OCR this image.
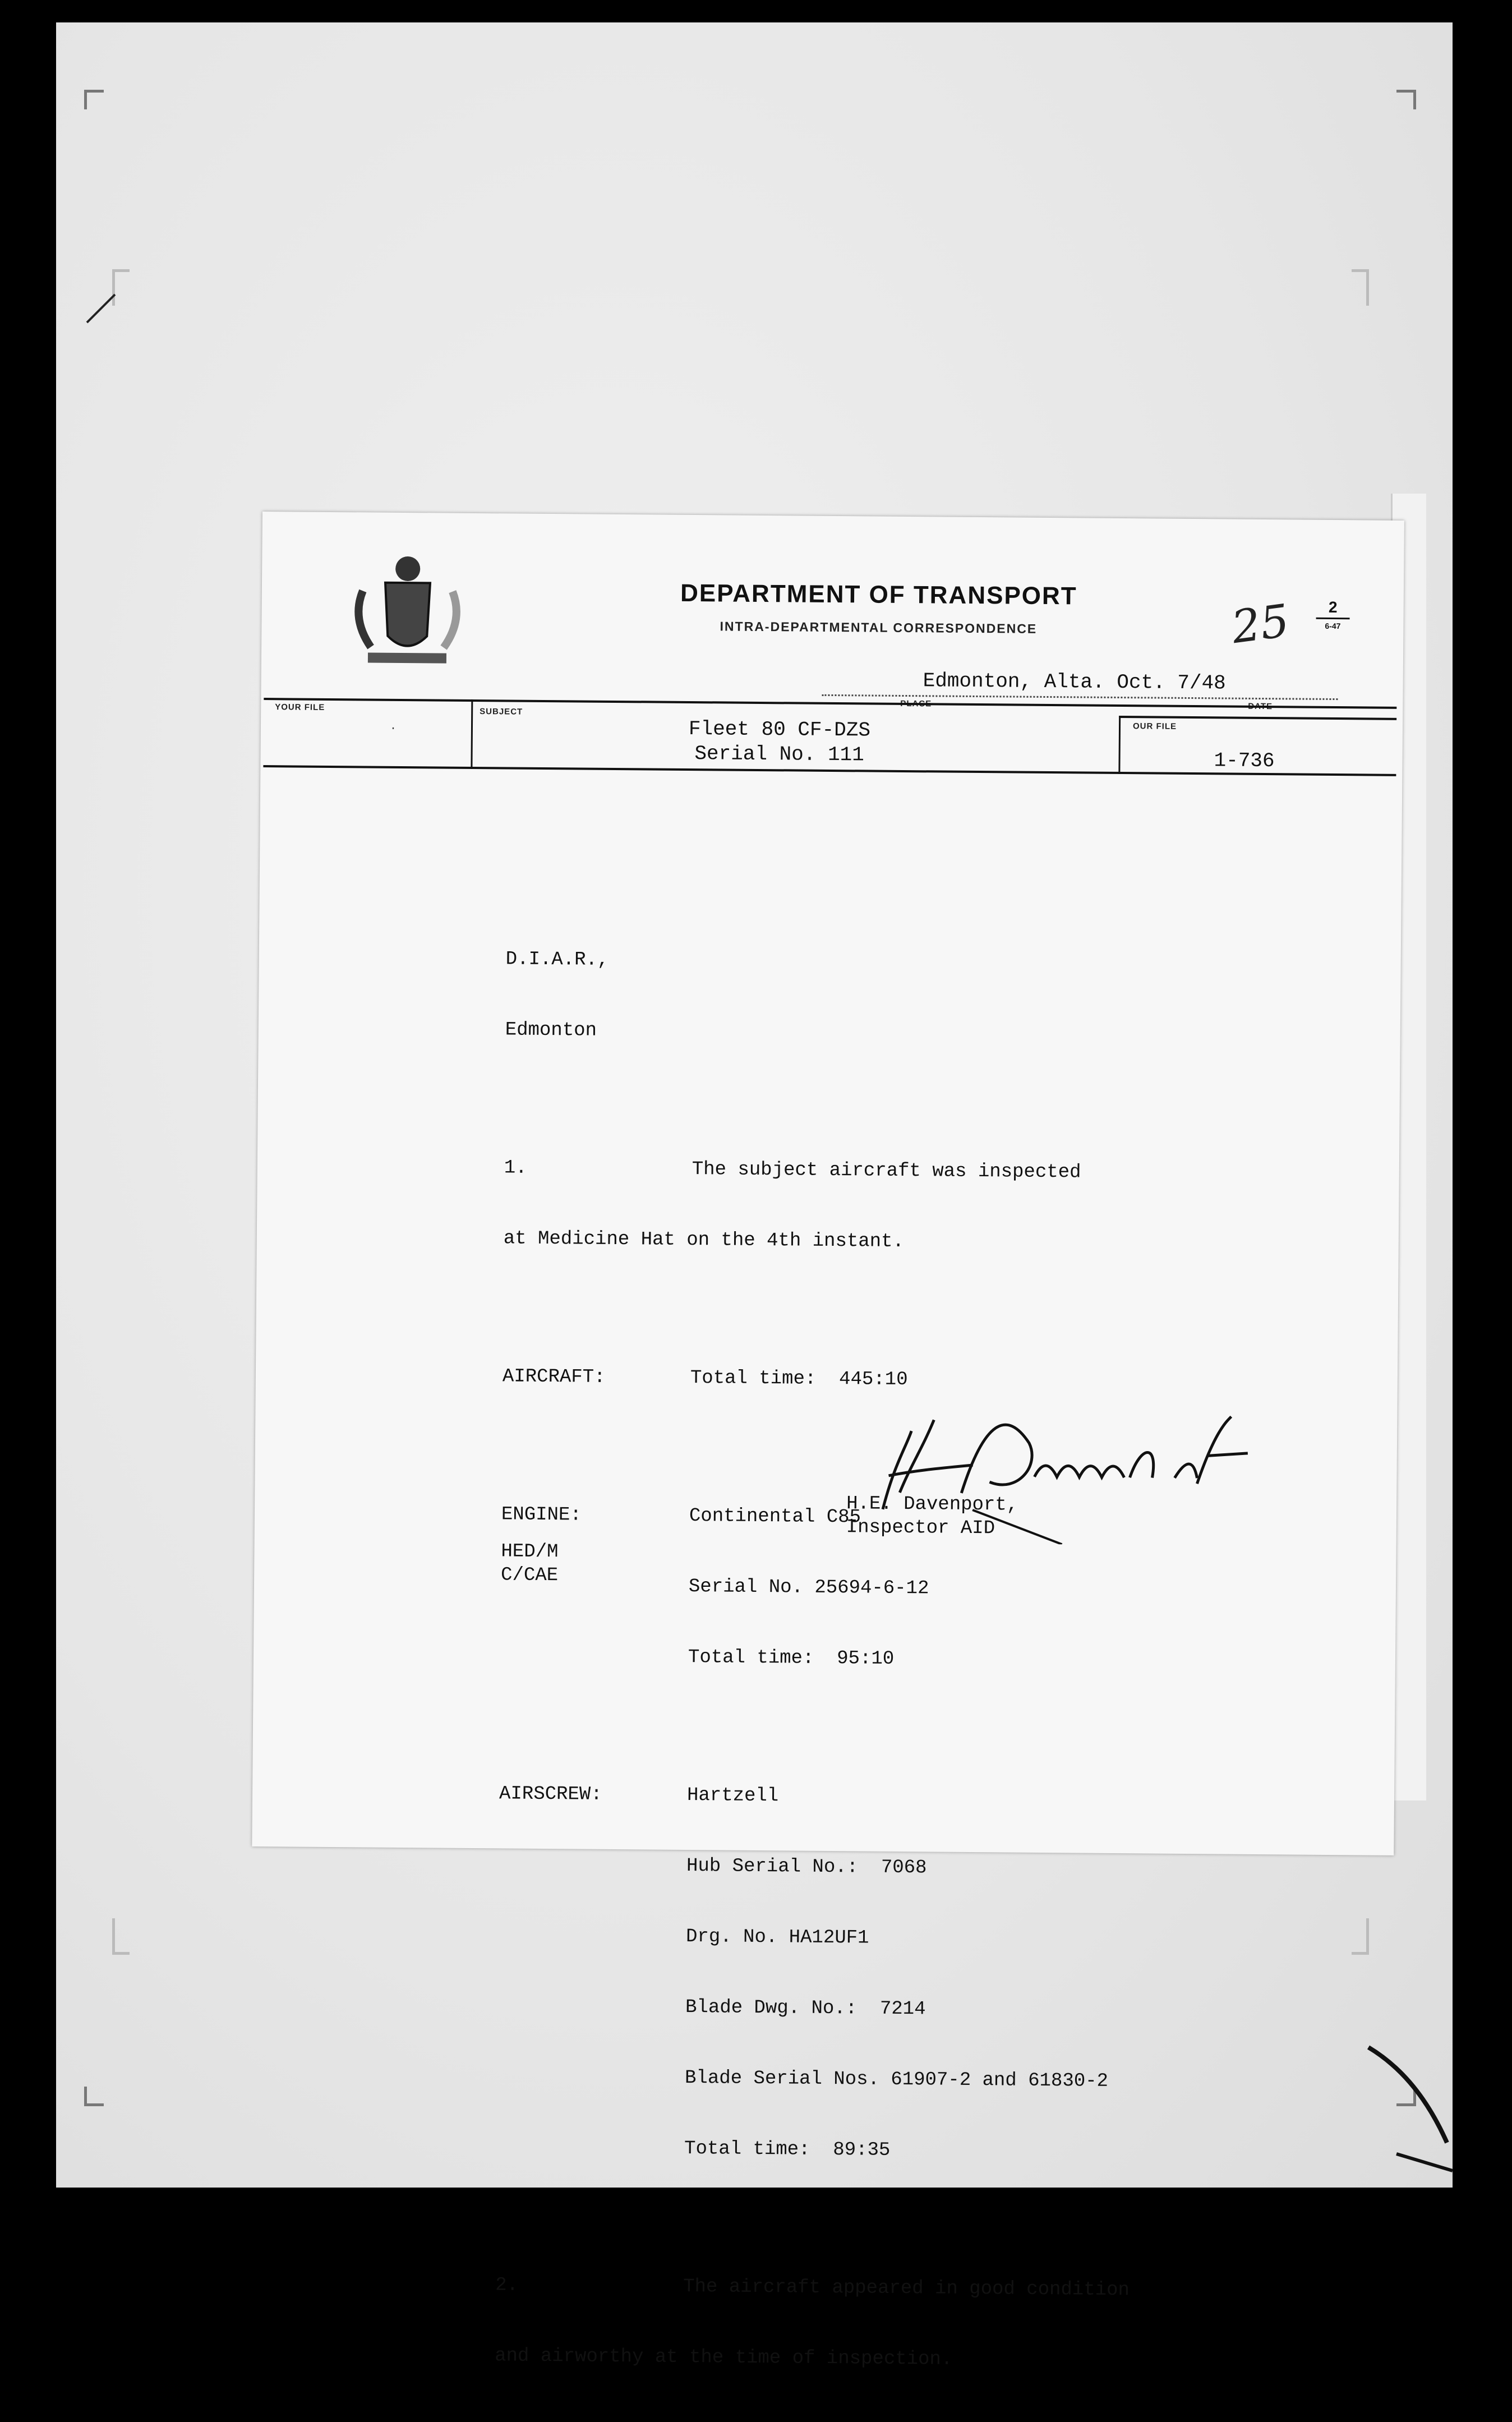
DEPARTMENT OF TRANSPORT
INTRA-DEPARTMENTAL CORRESPONDENCE	25	2
6-47
Edmonton, Alta. Oct. 7/48
PLACE	DATE
YOUR FILE
.
SUBJECT
Fleet 80 CF-DZS
Serial No. 111
OUR FILE
1-736

D.I.A.R.,

Edmonton

1.	The subject aircraft was inspected

at Medicine Hat on the 4th instant.

AIRCRAFT:	Total time:  445:10

ENGINE:	Continental C85

Serial No. 25694-6-12

Total time:  95:10

AIRSCREW:	Hartzell

Hub Serial No.:  7068

Drg. No. HA12UF1

Blade Dwg. No.:  7214

Blade Serial Nos. 61907-2 and 61830-2

Total time:  89:35

2.	The aircraft appeared in good condition

and airworthy at the time of inspection.

H.E. Davenport,
Inspector AID
HED/M
C/CAE
